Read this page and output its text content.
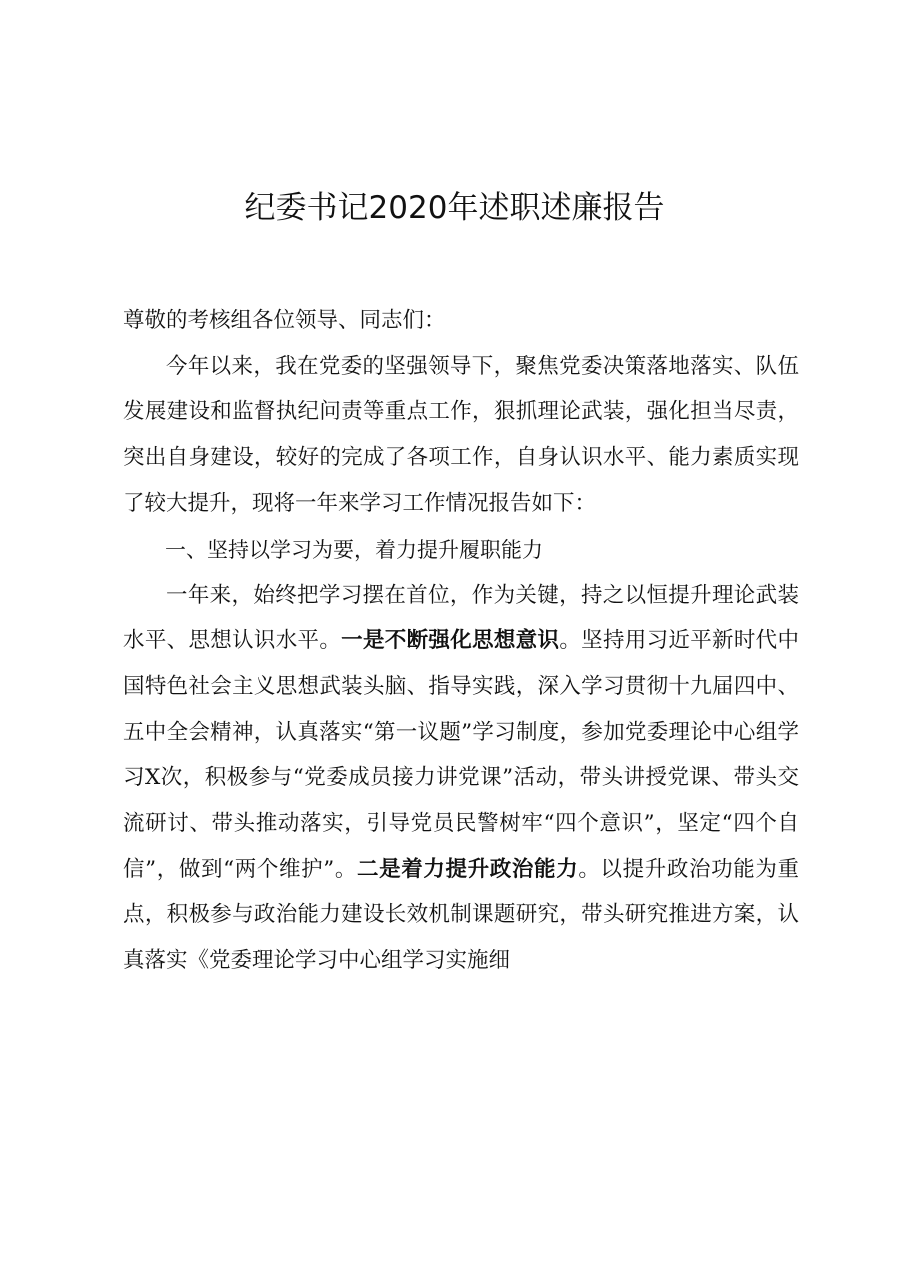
纪委书记2020年述职述廉报告

尊敬的考核组各位领导、同志们：

今年以来，我在党委的坚强领导下，聚焦党委决策落地落实、队伍发展建设和监督执纪问责等重点工作，狠抓理论武装，强化担当尽责，突出自身建设，较好的完成了各项工作，自身认识水平、能力素质实现了较大提升，现将一年来学习工作情况报告如下：

一、坚持以学习为要，着力提升履职能力

一年来，始终把学习摆在首位，作为关键，持之以恒提升理论武装水平、思想认识水平。一是不断强化思想意识。坚持用习近平新时代中国特色社会主义思想武装头脑、指导实践，深入学习贯彻十九届四中、五中全会精神，认真落实“第一议题”学习制度，参加党委理论中心组学习X次，积极参与“党委成员接力讲党课”活动，带头讲授党课、带头交流研讨、带头推动落实，引导党员民警树牢“四个意识”，坚定“四个自信”，做到“两个维护”。二是着力提升政治能力。以提升政治功能为重点，积极参与政治能力建设长效机制课题研究，带头研究推进方案，认真落实《党委理论学习中心组学习实施细
